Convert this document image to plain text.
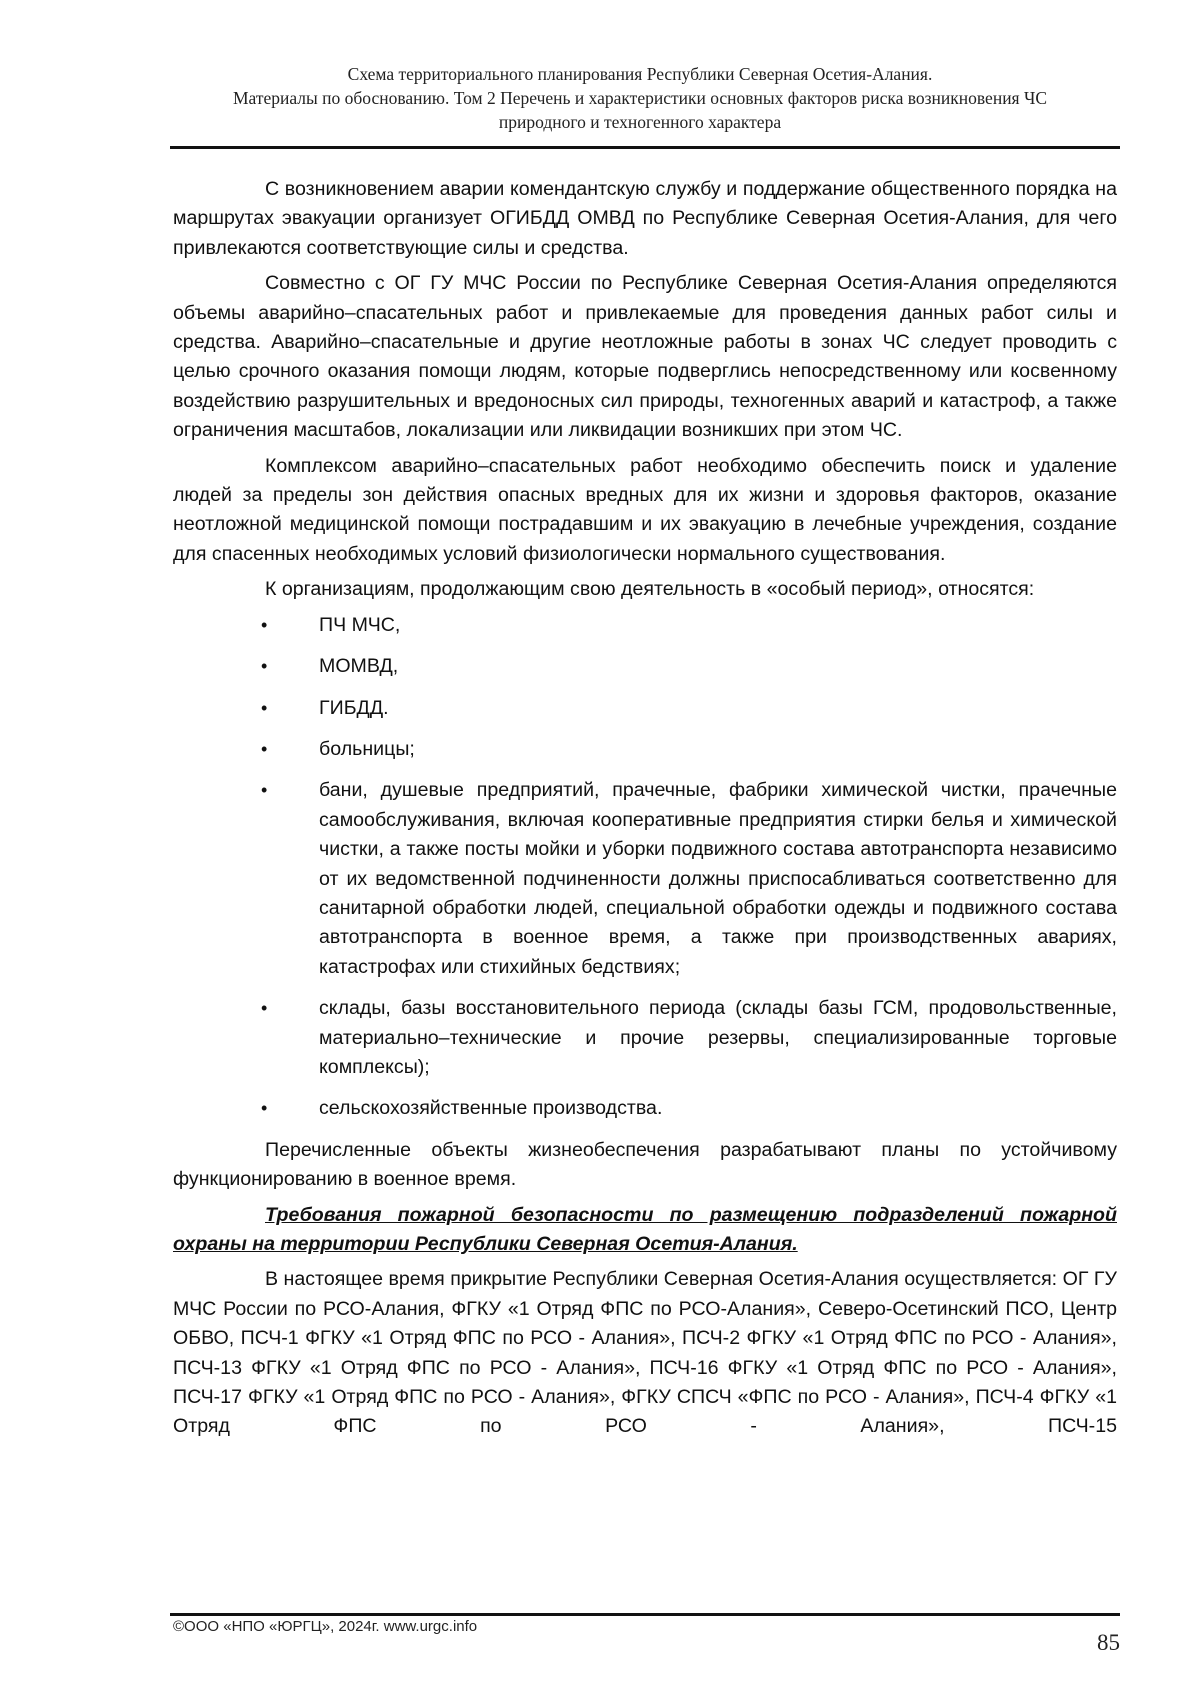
Схема территориального планирования Республики Северная Осетия-Алания.
Материалы по обоснованию. Том 2 Перечень и характеристики основных факторов риска возникновения ЧС
природного и техногенного характера

С возникновением аварии комендантскую службу и поддержание общественного порядка на маршрутах эвакуации организует ОГИБДД ОМВД по Республике Северная Осетия-Алания, для чего привлекаются соответствующие силы и средства.

Совместно с ОГ ГУ МЧС России по Республике Северная Осетия-Алания определяются объемы аварийно–спасательных работ и привлекаемые для проведения данных работ силы и средства. Аварийно–спасательные и другие неотложные работы в зонах ЧС следует проводить с целью срочного оказания помощи людям, которые подверглись непосредственному или косвенному воздействию разрушительных и вредоносных сил природы, техногенных аварий и катастроф, а также ограничения масштабов, локализации или ликвидации возникших при этом ЧС.

Комплексом аварийно–спасательных работ необходимо обеспечить поиск и удаление людей за пределы зон действия опасных вредных для их жизни и здоровья факторов, оказание неотложной медицинской помощи пострадавшим и их эвакуацию в лечебные учреждения, создание для спасенных необходимых условий физиологически нормального существования.

К организациям, продолжающим свою деятельность в «особый период», относятся:

•	ПЧ МЧС,
•	МОМВД,
•	ГИБДД.
•	больницы;
•	бани, душевые предприятий, прачечные, фабрики химической чистки, прачечные самообслуживания, включая кооперативные предприятия стирки белья и химической чистки, а также посты мойки и уборки подвижного состава автотранспорта независимо от их ведомственной подчиненности должны приспосабливаться соответственно для санитарной обработки людей, специальной обработки одежды и подвижного состава автотранспорта в военное время, а также при производственных авариях, катастрофах или стихийных бедствиях;
•	склады, базы восстановительного периода (склады базы ГСМ, продовольственные, материально–технические и прочие резервы, специализированные торговые комплексы);
•	сельскохозяйственные производства.

Перечисленные объекты жизнеобеспечения разрабатывают планы по устойчивому функционированию в военное время.

Требования пожарной безопасности по размещению подразделений пожарной охраны на территории Республики Северная Осетия-Алания.

В настоящее время прикрытие Республики Северная Осетия-Алания осуществляется: ОГ ГУ МЧС России по РСО-Алания, ФГКУ «1 Отряд ФПС по РСО-Алания», Северо-Осетинский ПСО, Центр ОБВО, ПСЧ-1 ФГКУ «1 Отряд ФПС по РСО - Алания», ПСЧ-2 ФГКУ «1 Отряд ФПС по РСО - Алания», ПСЧ-13 ФГКУ «1 Отряд ФПС по РСО - Алания», ПСЧ-16 ФГКУ «1 Отряд ФПС по РСО - Алания», ПСЧ-17 ФГКУ «1 Отряд ФПС по РСО - Алания», ФГКУ СПСЧ «ФПС по РСО - Алания», ПСЧ-4 ФГКУ «1 Отряд ФПС по РСО - Алания», ПСЧ-15

©ООО «НПО «ЮРГЦ», 2024г. www.urgc.info
85
